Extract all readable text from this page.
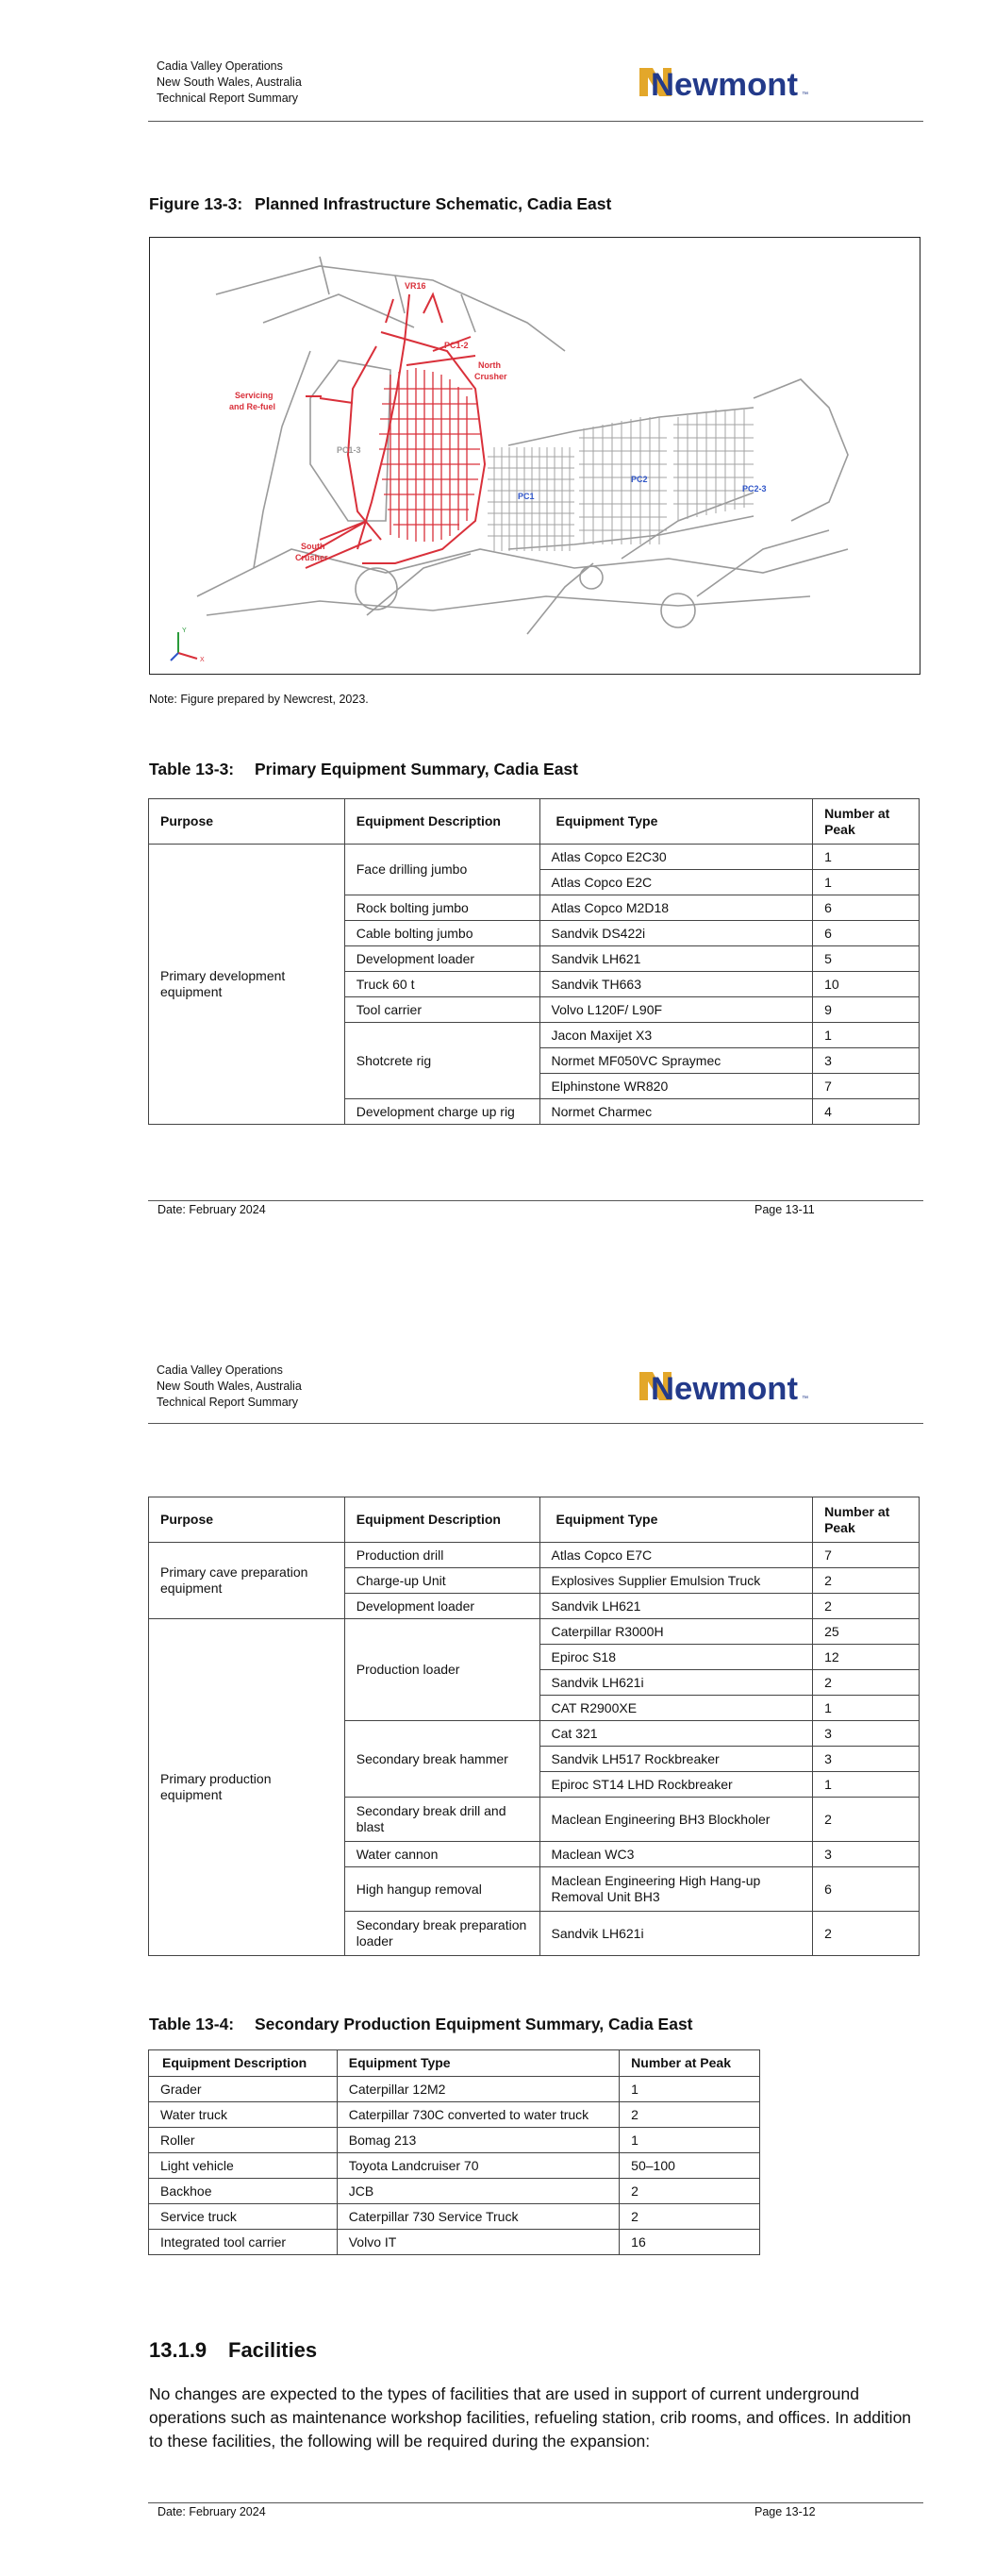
Cadia Valley Operations
New South Wales, Australia
Technical Report Summary	Newmont ™
Figure 13-3: Planned Infrastructure Schematic, Cadia East
VR16
PC1-2
North
Crusher
Servicing
and Re-fuel
PC1-3
PC1
PC2
PC2-3
South
Crusher
Y
X
Note: Figure prepared by Newcrest, 2023.
Table 13-3: Primary Equipment Summary, Cadia East
Purpose	Equipment Description	Equipment Type	Number at Peak
Primary development equipment	Face drilling jumbo	Atlas Copco E2C30	1
		Atlas Copco E2C	1
	Rock bolting jumbo	Atlas Copco M2D18	6
	Cable bolting jumbo	Sandvik DS422i	6
	Development loader	Sandvik LH621	5
	Truck 60 t	Sandvik TH663	10
	Tool carrier	Volvo L120F/ L90F	9
	Shotcrete rig	Jacon Maxijet X3	1
		Normet MF050VC Spraymec	3
		Elphinstone WR820	7
	Development charge up rig	Normet Charmec	4
Date: February 2024	Page 13-11
Cadia Valley Operations
New South Wales, Australia
Technical Report Summary	Newmont ™
Purpose	Equipment Description	Equipment Type	Number at Peak
Primary cave preparation equipment	Production drill	Atlas Copco E7C	7
	Charge-up Unit	Explosives Supplier Emulsion Truck	2
	Development loader	Sandvik LH621	2
Primary production equipment	Production loader	Caterpillar R3000H	25
		Epiroc S18	12
		Sandvik LH621i	2
		CAT R2900XE	1
	Secondary break hammer	Cat 321	3
		Sandvik LH517 Rockbreaker	3
		Epiroc ST14 LHD Rockbreaker	1
	Secondary break drill and blast	Maclean Engineering BH3 Blockholer	2
	Water cannon	Maclean WC3	3
	High hangup removal	Maclean Engineering High Hang-up Removal Unit BH3	6
	Secondary break preparation loader	Sandvik LH621i	2
Table 13-4: Secondary Production Equipment Summary, Cadia East
Equipment Description	Equipment Type	Number at Peak
Grader	Caterpillar 12M2	1
Water truck	Caterpillar 730C converted to water truck	2
Roller	Bomag 213	1
Light vehicle	Toyota Landcruiser 70	50–100
Backhoe	JCB	2
Service truck	Caterpillar 730 Service Truck	2
Integrated tool carrier	Volvo IT	16
13.1.9 Facilities
No changes are expected to the types of facilities that are used in support of current underground operations such as maintenance workshop facilities, refueling station, crib rooms, and offices. In addition to these facilities, the following will be required during the expansion:
Date: February 2024	Page 13-12
